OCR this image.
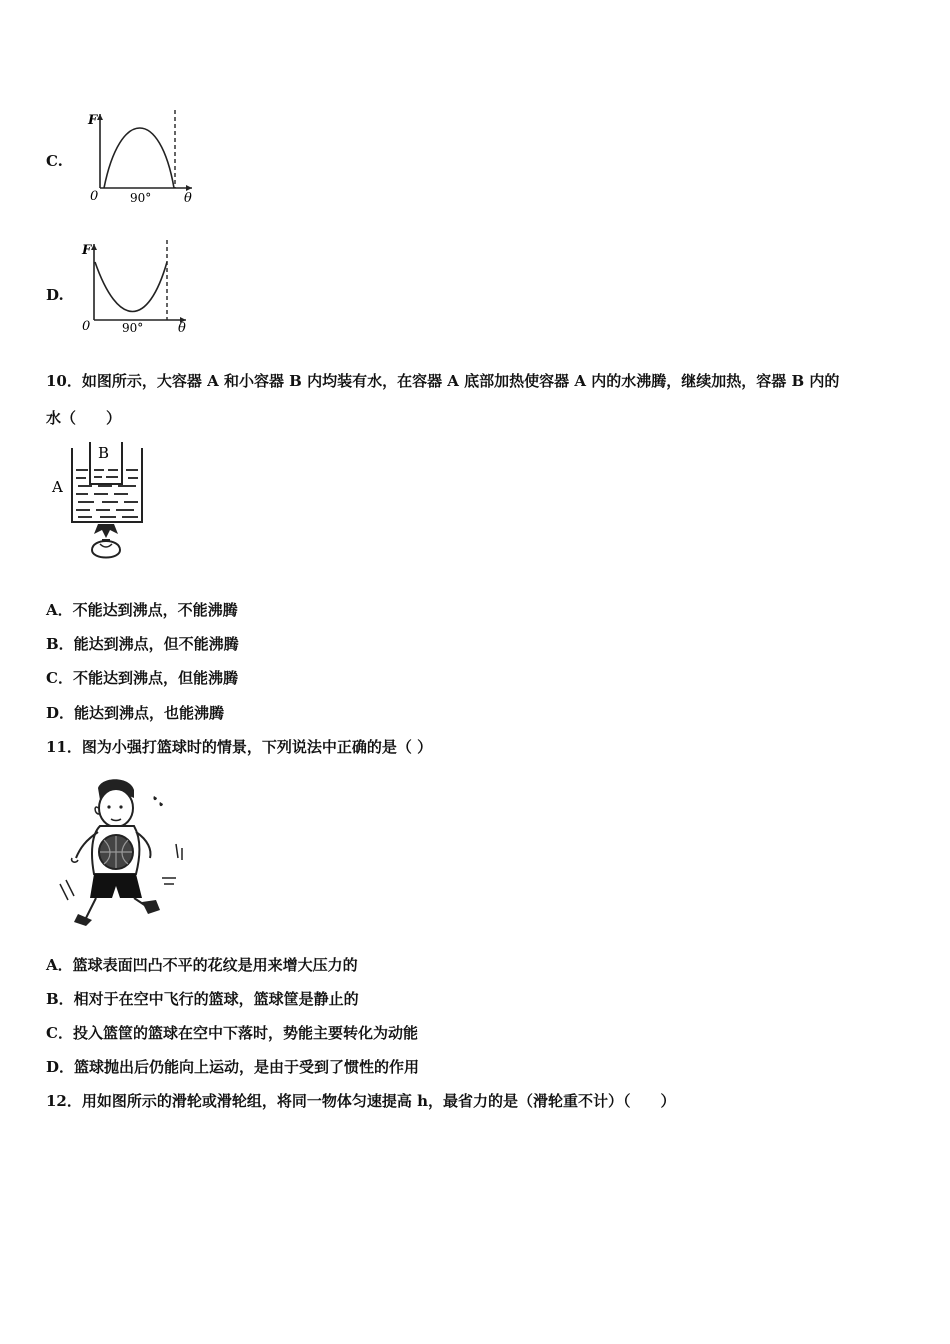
C.
F
0	90°	θ
D.
F
0	90°	θ
10．如图所示，大容器 A 和小容器 B 内均装有水，在容器 A 底部加热使容器 A 内的水沸腾，继续加热，容器 B 内的
水（　　）
B
A
A．不能达到沸点，不能沸腾
B．能达到沸点，但不能沸腾
C．不能达到沸点，但能沸腾
D．能达到沸点，也能沸腾
11．图为小强打篮球时的情景，下列说法中正确的是（ ）
A．篮球表面凹凸不平的花纹是用来增大压力的
B．相对于在空中飞行的篮球，篮球筐是静止的
C．投入篮筐的篮球在空中下落时，势能主要转化为动能
D．篮球抛出后仍能向上运动，是由于受到了惯性的作用
12．用如图所示的滑轮或滑轮组，将同一物体匀速提高 h，最省力的是（滑轮重不计）（　　）
